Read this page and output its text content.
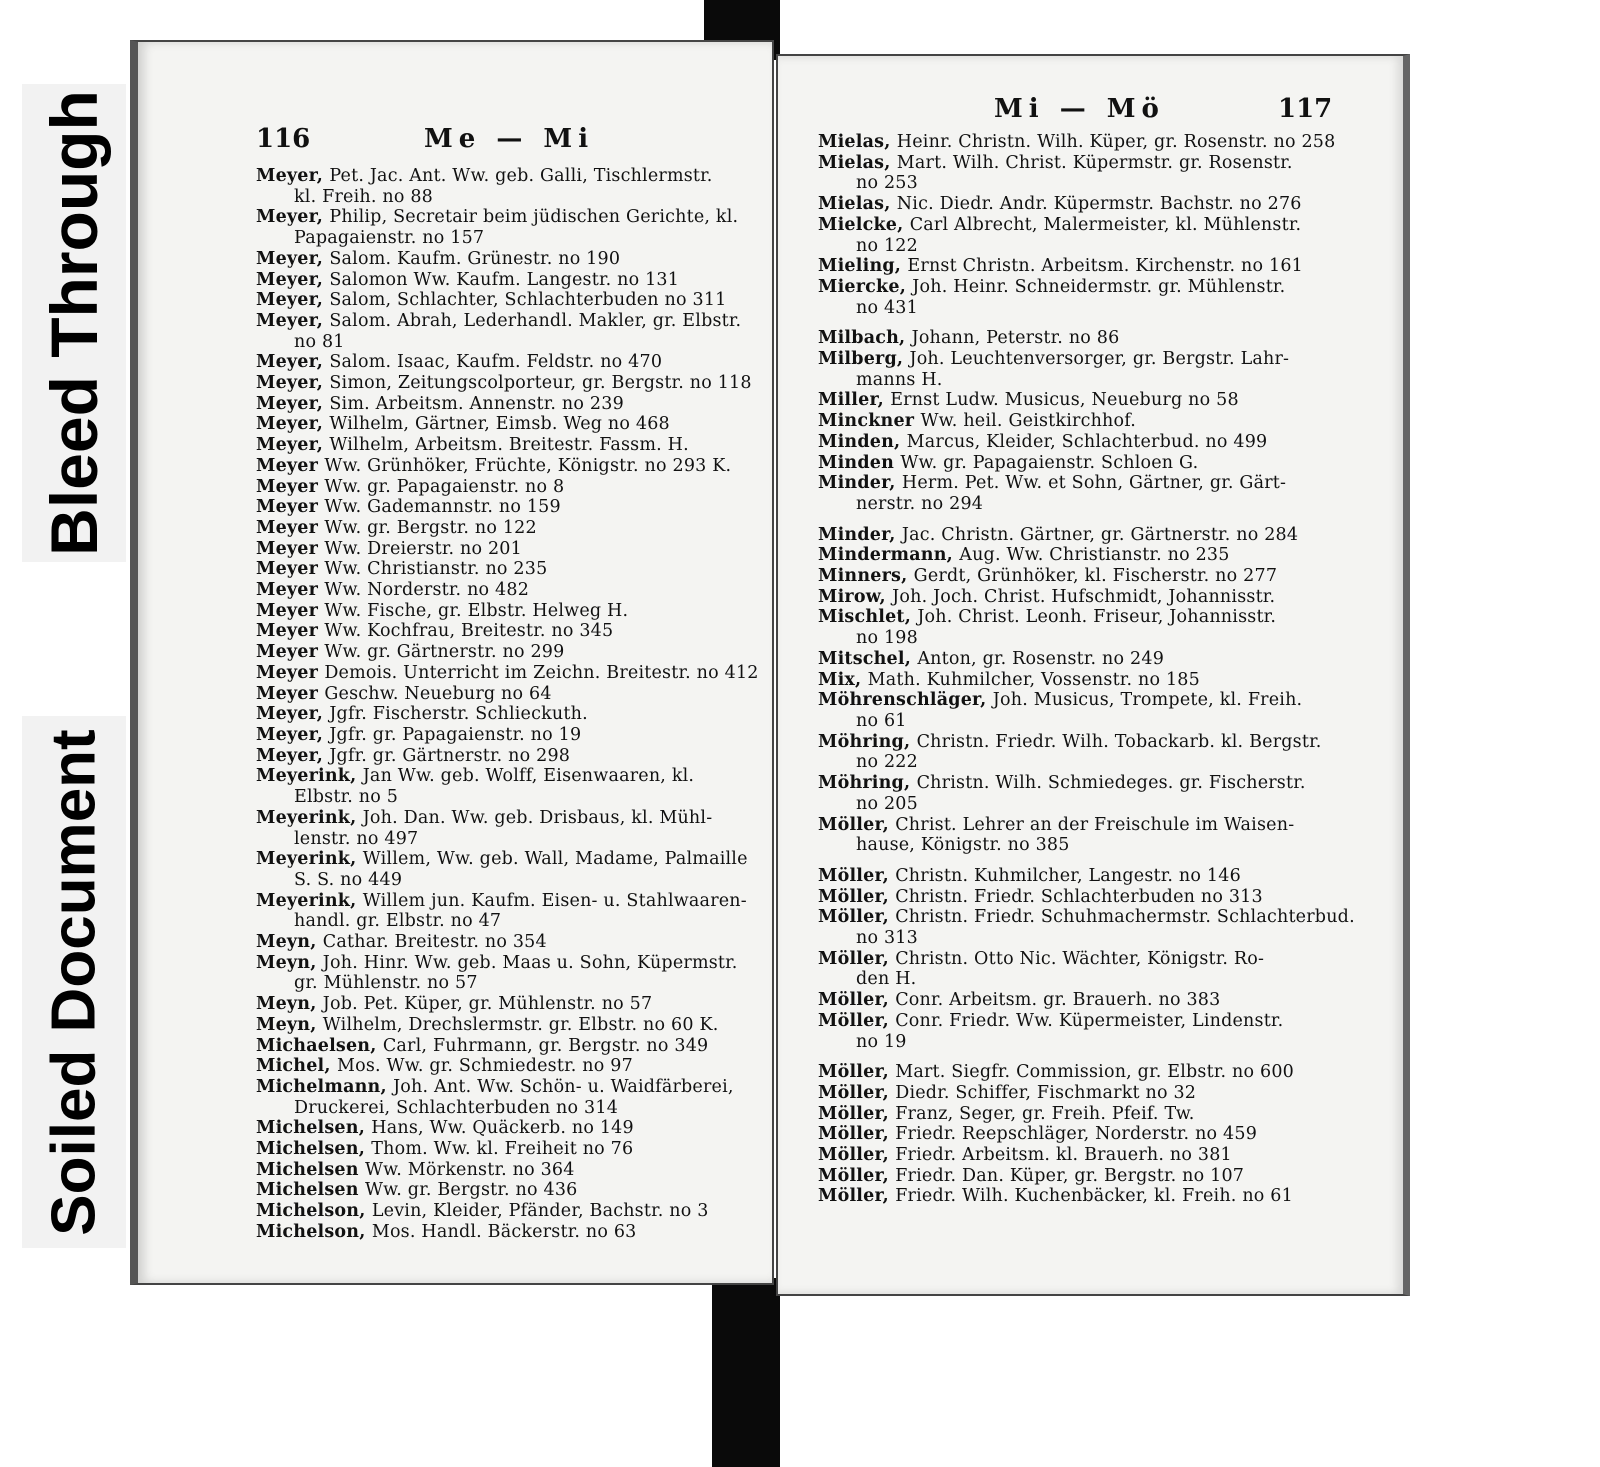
Bleed Through
Soiled Document
116	Me — Mi
Meyer, Pet. Jac. Ant. Ww. geb. Galli, Tischlermstr.
kl. Freih. no 88
Meyer, Philip, Secretair beim jüdischen Gerichte, kl.
Papagaienstr. no 157
Meyer, Salom. Kaufm. Grünestr. no 190
Meyer, Salomon Ww. Kaufm. Langestr. no 131
Meyer, Salom, Schlachter, Schlachterbuden no 311
Meyer, Salom. Abrah, Lederhandl. Makler, gr. Elbstr.
no 81
Meyer, Salom. Isaac, Kaufm. Feldstr. no 470
Meyer, Simon, Zeitungscolporteur, gr. Bergstr. no 118
Meyer, Sim. Arbeitsm. Annenstr. no 239
Meyer, Wilhelm, Gärtner, Eimsb. Weg no 468
Meyer, Wilhelm, Arbeitsm. Breitestr. Fassm. H.
Meyer Ww. Grünhöker, Früchte, Königstr. no 293 K.
Meyer Ww. gr. Papagaienstr. no 8
Meyer Ww. Gademannstr. no 159
Meyer Ww. gr. Bergstr. no 122
Meyer Ww. Dreierstr. no 201
Meyer Ww. Christianstr. no 235
Meyer Ww. Norderstr. no 482
Meyer Ww. Fische, gr. Elbstr. Helweg H.
Meyer Ww. Kochfrau, Breitestr. no 345
Meyer Ww. gr. Gärtnerstr. no 299
Meyer Demois. Unterricht im Zeichn. Breitestr. no 412
Meyer Geschw. Neueburg no 64
Meyer, Jgfr. Fischerstr. Schlieckuth.
Meyer, Jgfr. gr. Papagaienstr. no 19
Meyer, Jgfr. gr. Gärtnerstr. no 298
Meyerink, Jan Ww. geb. Wolff, Eisenwaaren, kl.
Elbstr. no 5
Meyerink, Joh. Dan. Ww. geb. Drisbaus, kl. Mühl-
lenstr. no 497
Meyerink, Willem, Ww. geb. Wall, Madame, Palmaille
S. S. no 449
Meyerink, Willem jun. Kaufm. Eisen- u. Stahlwaaren-
handl. gr. Elbstr. no 47
Meyn, Cathar. Breitestr. no 354
Meyn, Joh. Hinr. Ww. geb. Maas u. Sohn, Küpermstr.
gr. Mühlenstr. no 57
Meyn, Job. Pet. Küper, gr. Mühlenstr. no 57
Meyn, Wilhelm, Drechslermstr. gr. Elbstr. no 60 K.
Michaelsen, Carl, Fuhrmann, gr. Bergstr. no 349
Michel, Mos. Ww. gr. Schmiedestr. no 97
Michelmann, Joh. Ant. Ww. Schön- u. Waidfärberei,
Druckerei, Schlachterbuden no 314
Michelsen, Hans, Ww. Quäckerb. no 149
Michelsen, Thom. Ww. kl. Freiheit no 76
Michelsen Ww. Mörkenstr. no 364
Michelsen Ww. gr. Bergstr. no 436
Michelson, Levin, Kleider, Pfänder, Bachstr. no 3
Michelson, Mos. Handl. Bäckerstr. no 63
Mi — Mö	117
Mielas, Heinr. Christn. Wilh. Küper, gr. Rosenstr. no 258
Mielas, Mart. Wilh. Christ. Küpermstr. gr. Rosenstr.
no 253
Mielas, Nic. Diedr. Andr. Küpermstr. Bachstr. no 276
Mielcke, Carl Albrecht, Malermeister, kl. Mühlenstr.
no 122
Mieling, Ernst Christn. Arbeitsm. Kirchenstr. no 161
Miercke, Joh. Heinr. Schneidermstr. gr. Mühlenstr.
no 431
Milbach, Johann, Peterstr. no 86
Milberg, Joh. Leuchtenversorger, gr. Bergstr. Lahr-
manns H.
Miller, Ernst Ludw. Musicus, Neueburg no 58
Minckner Ww. heil. Geistkirchhof.
Minden, Marcus, Kleider, Schlachterbud. no 499
Minden Ww. gr. Papagaienstr. Schloen G.
Minder, Herm. Pet. Ww. et Sohn, Gärtner, gr. Gärt-
nerstr. no 294
Minder, Jac. Christn. Gärtner, gr. Gärtnerstr. no 284
Mindermann, Aug. Ww. Christianstr. no 235
Minners, Gerdt, Grünhöker, kl. Fischerstr. no 277
Mirow, Joh. Joch. Christ. Hufschmidt, Johannisstr.
Mischlet, Joh. Christ. Leonh. Friseur, Johannisstr.
no 198
Mitschel, Anton, gr. Rosenstr. no 249
Mix, Math. Kuhmilcher, Vossenstr. no 185
Möhrenschläger, Joh. Musicus, Trompete, kl. Freih.
no 61
Möhring, Christn. Friedr. Wilh. Tobackarb. kl. Bergstr.
no 222
Möhring, Christn. Wilh. Schmiedeges. gr. Fischerstr.
no 205
Möller, Christ. Lehrer an der Freischule im Waisen-
hause, Königstr. no 385
Möller, Christn. Kuhmilcher, Langestr. no 146
Möller, Christn. Friedr. Schlachterbuden no 313
Möller, Christn. Friedr. Schuhmachermstr. Schlachterbud.
no 313
Möller, Christn. Otto Nic. Wächter, Königstr. Ro-
den H.
Möller, Conr. Arbeitsm. gr. Brauerh. no 383
Möller, Conr. Friedr. Ww. Küpermeister, Lindenstr.
no 19
Möller, Mart. Siegfr. Commission, gr. Elbstr. no 600
Möller, Diedr. Schiffer, Fischmarkt no 32
Möller, Franz, Seger, gr. Freih. Pfeif. Tw.
Möller, Friedr. Reepschläger, Norderstr. no 459
Möller, Friedr. Arbeitsm. kl. Brauerh. no 381
Möller, Friedr. Dan. Küper, gr. Bergstr. no 107
Möller, Friedr. Wilh. Kuchenbäcker, kl. Freih. no 61
